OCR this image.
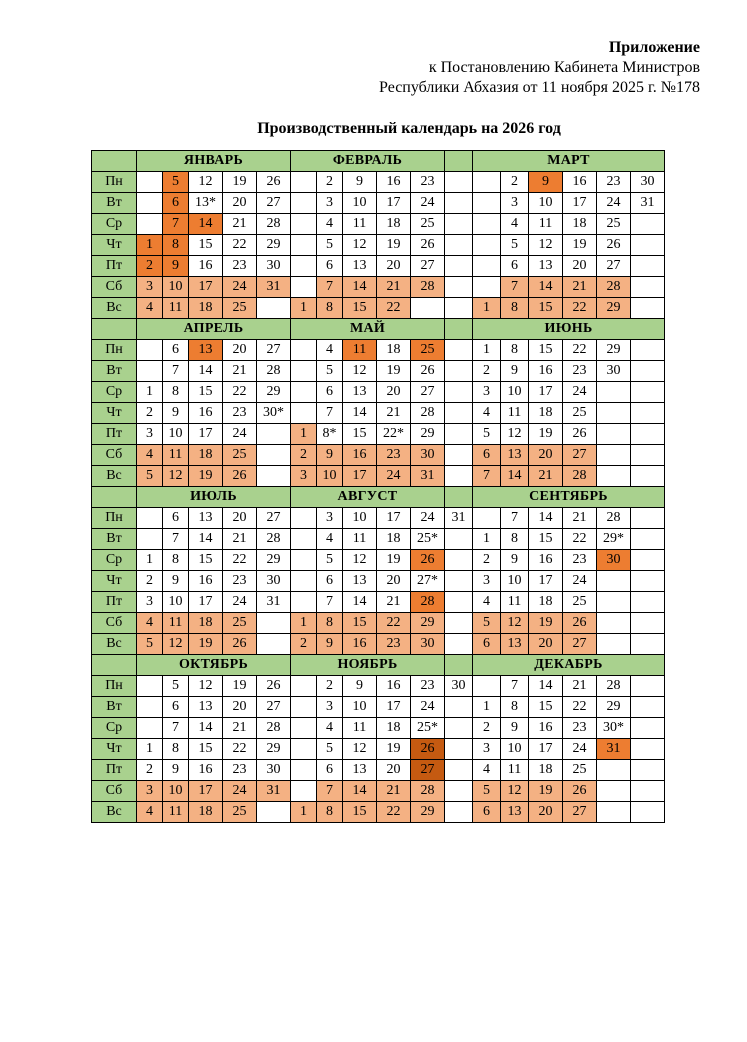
Приложение
к Постановлению Кабинета Министров
Республики Абхазия от 11 ноября 2025 г. №178
Производственный календарь на 2026 год
	ЯНВАРЬ					ФЕВРАЛЬ						МАРТ					
Пн		5	12	19	26		2	9	16	23			2	9	16	23	30
Вт		6	13*	20	27		3	10	17	24			3	10	17	24	31
Ср		7	14	21	28		4	11	18	25			4	11	18	25	
Чт	1	8	15	22	29		5	12	19	26			5	12	19	26	
Пт	2	9	16	23	30		6	13	20	27			6	13	20	27	
Сб	3	10	17	24	31		7	14	21	28			7	14	21	28	
Вс	4	11	18	25		1	8	15	22			1	8	15	22	29	
	АПРЕЛЬ					МАЙ						ИЮНЬ					
Пн		6	13	20	27		4	11	18	25		1	8	15	22	29	
Вт		7	14	21	28		5	12	19	26		2	9	16	23	30	
Ср	1	8	15	22	29		6	13	20	27		3	10	17	24		
Чт	2	9	16	23	30*		7	14	21	28		4	11	18	25		
Пт	3	10	17	24		1	8*	15	22*	29		5	12	19	26		
Сб	4	11	18	25		2	9	16	23	30		6	13	20	27		
Вс	5	12	19	26		3	10	17	24	31		7	14	21	28		
	ИЮЛЬ					АВГУСТ						СЕНТЯБРЬ					
Пн		6	13	20	27		3	10	17	24	31		7	14	21	28	
Вт		7	14	21	28		4	11	18	25*		1	8	15	22	29*	
Ср	1	8	15	22	29		5	12	19	26		2	9	16	23	30	
Чт	2	9	16	23	30		6	13	20	27*		3	10	17	24		
Пт	3	10	17	24	31		7	14	21	28		4	11	18	25		
Сб	4	11	18	25		1	8	15	22	29		5	12	19	26		
Вс	5	12	19	26		2	9	16	23	30		6	13	20	27		
	ОКТЯБРЬ					НОЯБРЬ						ДЕКАБРЬ					
Пн		5	12	19	26		2	9	16	23	30		7	14	21	28	
Вт		6	13	20	27		3	10	17	24		1	8	15	22	29	
Ср		7	14	21	28		4	11	18	25*		2	9	16	23	30*	
Чт	1	8	15	22	29		5	12	19	26		3	10	17	24	31	
Пт	2	9	16	23	30		6	13	20	27		4	11	18	25		
Сб	3	10	17	24	31		7	14	21	28		5	12	19	26		
Вс	4	11	18	25		1	8	15	22	29		6	13	20	27		
